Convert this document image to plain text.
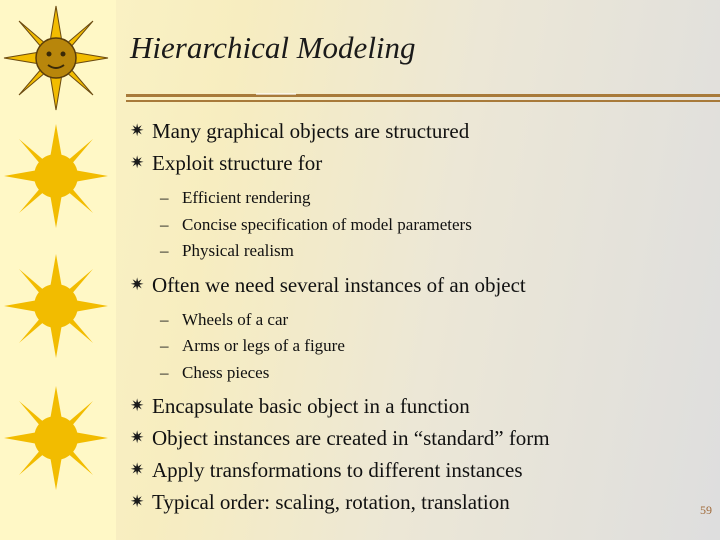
Hierarchical Modeling
✷ Many graphical objects are structured
✷ Exploit structure for
– Efficient rendering
– Concise specification of model parameters
– Physical realism
✷ Often we need several instances of an object
– Wheels of a car
– Arms or legs of a figure
– Chess pieces
✷ Encapsulate basic object in a function
✷ Object instances are created in “standard” form
✷ Apply transformations to different instances
✷ Typical order: scaling, rotation, translation	59
